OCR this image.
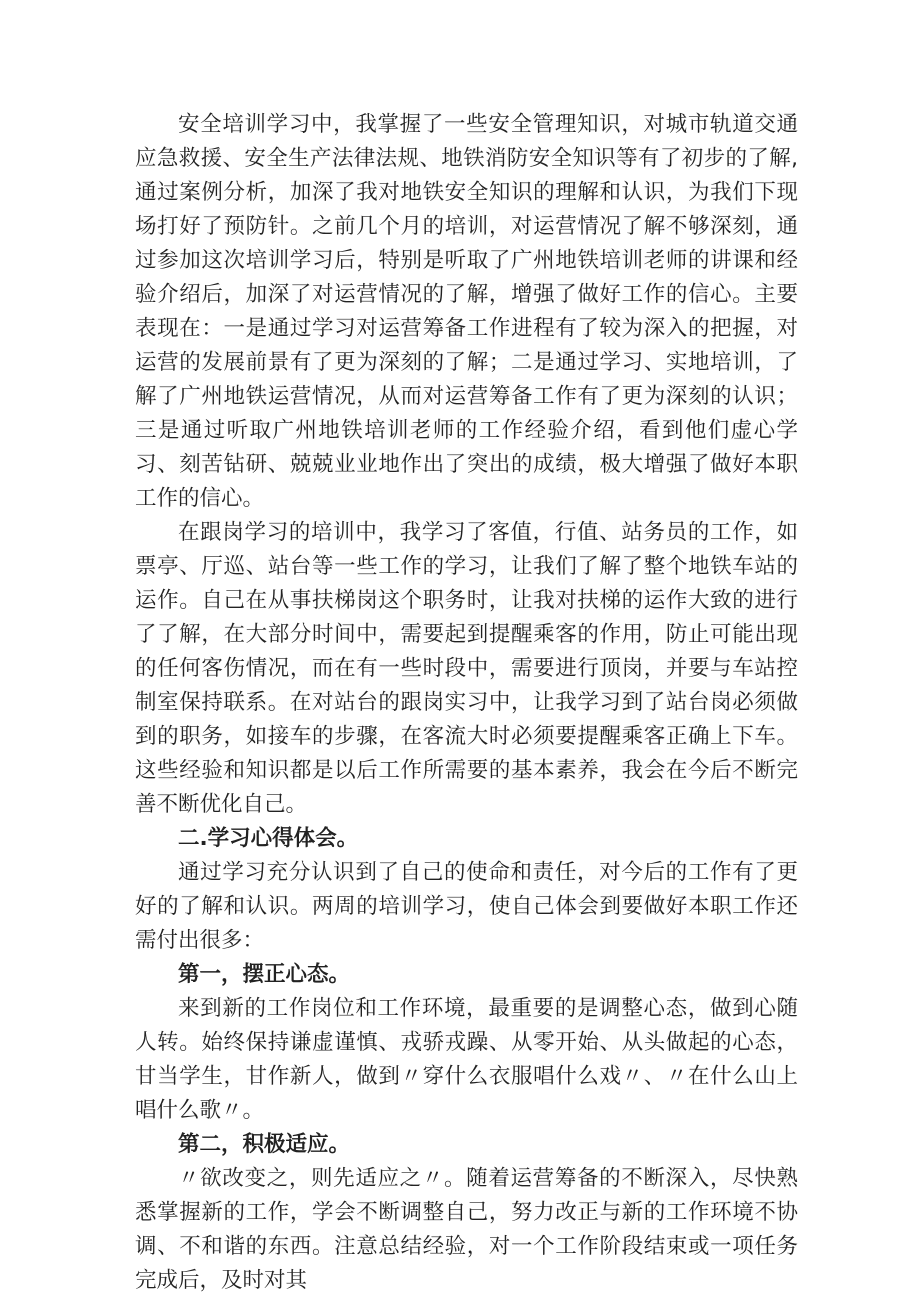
安全培训学习中，我掌握了一些安全管理知识，对城市轨道交通应急救援、安全生产法律法规、地铁消防安全知识等有了初步的了解,通过案例分析，加深了我对地铁安全知识的理解和认识，为我们下现场打好了预防针。之前几个月的培训，对运营情况了解不够深刻，通过参加这次培训学习后，特别是听取了广州地铁培训老师的讲课和经验介绍后，加深了对运营情况的了解，增强了做好工作的信心。主要表现在：一是通过学习对运营筹备工作进程有了较为深入的把握，对运营的发展前景有了更为深刻的了解；二是通过学习、实地培训，了解了广州地铁运营情况，从而对运营筹备工作有了更为深刻的认识；三是通过听取广州地铁培训老师的工作经验介绍，看到他们虚心学习、刻苦钻研、兢兢业业地作出了突出的成绩，极大增强了做好本职工作的信心。

在跟岗学习的培训中，我学习了客值，行值、站务员的工作，如票亭、厅巡、站台等一些工作的学习，让我们了解了整个地铁车站的运作。自己在从事扶梯岗这个职务时，让我对扶梯的运作大致的进行了了解，在大部分时间中，需要起到提醒乘客的作用，防止可能出现的任何客伤情况，而在有一些时段中，需要进行顶岗，并要与车站控制室保持联系。在对站台的跟岗实习中，让我学习到了站台岗必须做到的职务，如接车的步骤，在客流大时必须要提醒乘客正确上下车。这些经验和知识都是以后工作所需要的基本素养，我会在今后不断完善不断优化自己。

二.学习心得体会。

通过学习充分认识到了自己的使命和责任，对今后的工作有了更好的了解和认识。两周的培训学习，使自己体会到要做好本职工作还需付出很多：

第一，摆正心态。

来到新的工作岗位和工作环境，最重要的是调整心态，做到心随人转。始终保持谦虚谨慎、戎骄戎躁、从零开始、从头做起的心态，甘当学生，甘作新人，做到〃穿什么衣服唱什么戏〃、〃在什么山上唱什么歌〃。

第二，积极适应。

〃欲改变之，则先适应之〃。随着运营筹备的不断深入，尽快熟悉掌握新的工作，学会不断调整自己，努力改正与新的工作环境不协调、不和谐的东西。注意总结经验，对一个工作阶段结束或一项任务完成后，及时对其
